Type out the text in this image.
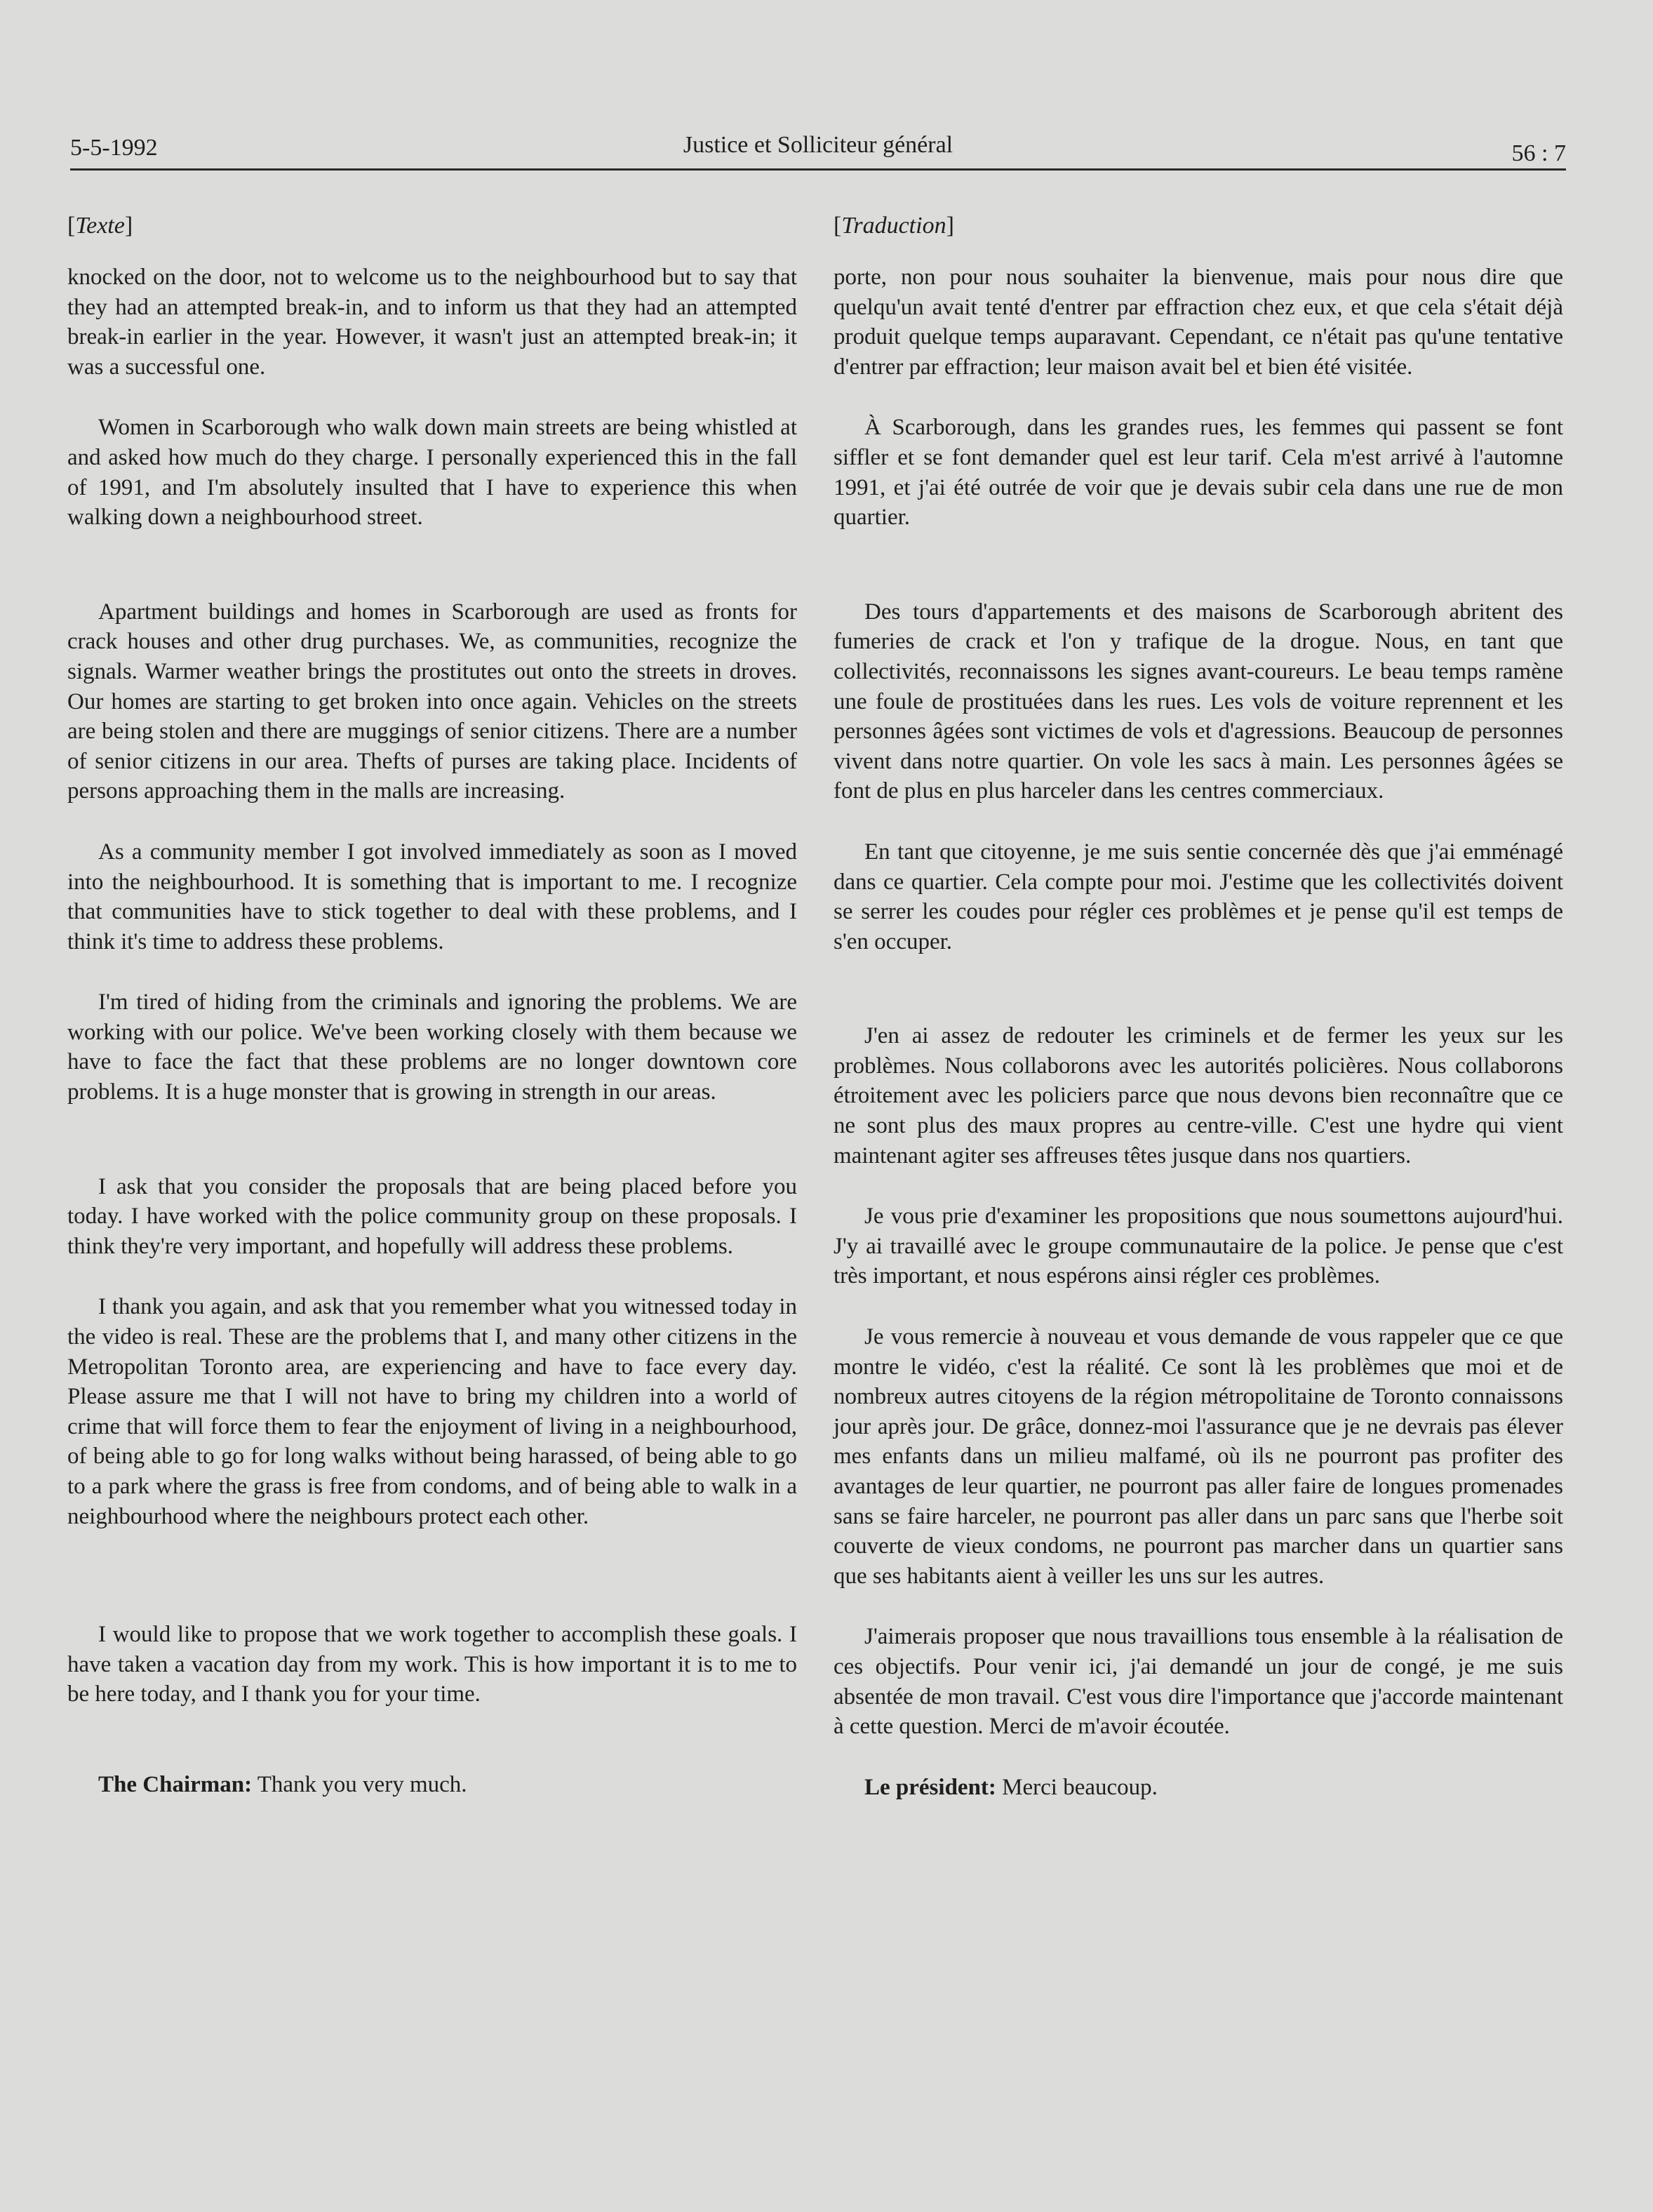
5-5-1992	Justice et Solliciteur général	56 : 7
[Texte]

knocked on the door, not to welcome us to the neighbourhood but to say that they had an attempted break-in, and to inform us that they had an attempted break-in earlier in the year. However, it wasn't just an attempted break-in; it was a successful one.

Women in Scarborough who walk down main streets are being whistled at and asked how much do they charge. I personally experienced this in the fall of 1991, and I'm absolutely insulted that I have to experience this when walking down a neighbourhood street.

Apartment buildings and homes in Scarborough are used as fronts for crack houses and other drug purchases. We, as communities, recognize the signals. Warmer weather brings the prostitutes out onto the streets in droves. Our homes are starting to get broken into once again. Vehicles on the streets are being stolen and there are muggings of senior citizens. There are a number of senior citizens in our area. Thefts of purses are taking place. Incidents of persons approaching them in the malls are increasing.

As a community member I got involved immediately as soon as I moved into the neighbourhood. It is something that is important to me. I recognize that communities have to stick together to deal with these problems, and I think it's time to address these problems.

I'm tired of hiding from the criminals and ignoring the problems. We are working with our police. We've been working closely with them because we have to face the fact that these problems are no longer downtown core problems. It is a huge monster that is growing in strength in our areas.

I ask that you consider the proposals that are being placed before you today. I have worked with the police community group on these proposals. I think they're very important, and hopefully will address these problems.

I thank you again, and ask that you remember what you witnessed today in the video is real. These are the problems that I, and many other citizens in the Metropolitan Toronto area, are experiencing and have to face every day. Please assure me that I will not have to bring my children into a world of crime that will force them to fear the enjoyment of living in a neighbourhood, of being able to go for long walks without being harassed, of being able to go to a park where the grass is free from condoms, and of being able to walk in a neighbourhood where the neighbours protect each other.

I would like to propose that we work together to accomplish these goals. I have taken a vacation day from my work. This is how important it is to me to be here today, and I thank you for your time.

The Chairman: Thank you very much.

[Traduction]

porte, non pour nous souhaiter la bienvenue, mais pour nous dire que quelqu'un avait tenté d'entrer par effraction chez eux, et que cela s'était déjà produit quelque temps auparavant. Cependant, ce n'était pas qu'une tentative d'entrer par effraction; leur maison avait bel et bien été visitée.

À Scarborough, dans les grandes rues, les femmes qui passent se font siffler et se font demander quel est leur tarif. Cela m'est arrivé à l'automne 1991, et j'ai été outrée de voir que je devais subir cela dans une rue de mon quartier.

Des tours d'appartements et des maisons de Scarborough abritent des fumeries de crack et l'on y trafique de la drogue. Nous, en tant que collectivités, reconnaissons les signes avant-coureurs. Le beau temps ramène une foule de prostituées dans les rues. Les vols de voiture reprennent et les personnes âgées sont victimes de vols et d'agressions. Beaucoup de personnes vivent dans notre quartier. On vole les sacs à main. Les personnes âgées se font de plus en plus harceler dans les centres commerciaux.

En tant que citoyenne, je me suis sentie concernée dès que j'ai emménagé dans ce quartier. Cela compte pour moi. J'estime que les collectivités doivent se serrer les coudes pour régler ces problèmes et je pense qu'il est temps de s'en occuper.

J'en ai assez de redouter les criminels et de fermer les yeux sur les problèmes. Nous collaborons avec les autorités policières. Nous collaborons étroitement avec les policiers parce que nous devons bien reconnaître que ce ne sont plus des maux propres au centre-ville. C'est une hydre qui vient maintenant agiter ses affreuses têtes jusque dans nos quartiers.

Je vous prie d'examiner les propositions que nous soumettons aujourd'hui. J'y ai travaillé avec le groupe communautaire de la police. Je pense que c'est très important, et nous espérons ainsi régler ces problèmes.

Je vous remercie à nouveau et vous demande de vous rappeler que ce que montre le vidéo, c'est la réalité. Ce sont là les problèmes que moi et de nombreux autres citoyens de la région métropolitaine de Toronto connaissons jour après jour. De grâce, donnez-moi l'assurance que je ne devrais pas élever mes enfants dans un milieu malfamé, où ils ne pourront pas profiter des avantages de leur quartier, ne pourront pas aller faire de longues promenades sans se faire harceler, ne pourront pas aller dans un parc sans que l'herbe soit couverte de vieux condoms, ne pourront pas marcher dans un quartier sans que ses habitants aient à veiller les uns sur les autres.

J'aimerais proposer que nous travaillions tous ensemble à la réalisation de ces objectifs. Pour venir ici, j'ai demandé un jour de congé, je me suis absentée de mon travail. C'est vous dire l'importance que j'accorde maintenant à cette question. Merci de m'avoir écoutée.

Le président: Merci beaucoup.
